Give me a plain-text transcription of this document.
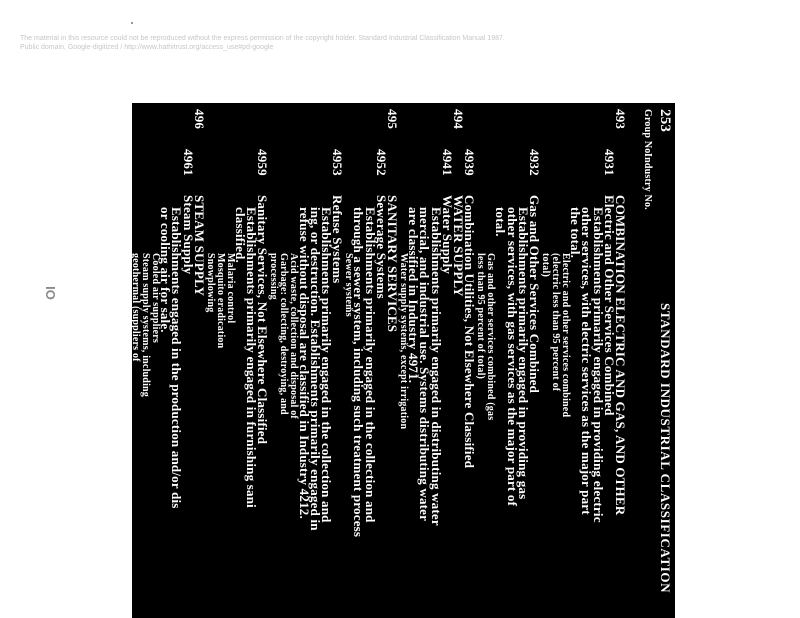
The material in this resource could not be reproduced without the express permission of the copyright holder. Standard Industrial Classification Manual 1987.
Public domain, Google-digitized / http://www.hathitrust.org/access_use#pd-google
IO
253
STANDARD INDUSTRIAL CLASSIFICATION
Group No.
Industry No.
493
COMBINATION ELECTRIC AND GAS, AND OTHER
4931
Electric and Other Services Combined
Establishments primarily engaged in providing electric
other services, with electric services as the major part
the total.
Electric and other services combined
(electric less than 95 percent of
total)
4932
Gas and Other Services Combined
Establishments primarily engaged in providing gas
other services, with gas services as the major part of
total.
Gas and other services combined (gas
less than 95 percent of total)
4939
Combination Utilities, Not Elsewhere Classified
494
WATER SUPPLY
4941
Water Supply
Establishments primarily engaged in distributing water
mercial, and industrial use. Systems distributing water
are classified in Industry 4971.
Water supply systems, except irrigation
495
SANITARY SERVICES
4952
Sewerage Systems
Establishments primarily engaged in the collection and
through a sewer system, including such treatment process
Sewer systems
4953
Refuse Systems
Establishments primarily engaged in the collection and
ing, or destruction. Establishments primarily engaged in
refuse without disposal are classified in Industry 4212.
Acid waste, collection and disposal of
Garbage: collecting, destroying, and
processing
4959
Sanitary Services, Not Elsewhere Classified
Establishments primarily engaged in furnishing sani
classified.
Malaria control
Mosquito eradication
Snowplowing
496
STEAM SUPPLY
4961
Steam Supply
Establishments engaged in the production and/or dis
or cooling air for sale.
Cooled air suppliers
Steam supply systems, including
geothermal (suppliers of
heat)
